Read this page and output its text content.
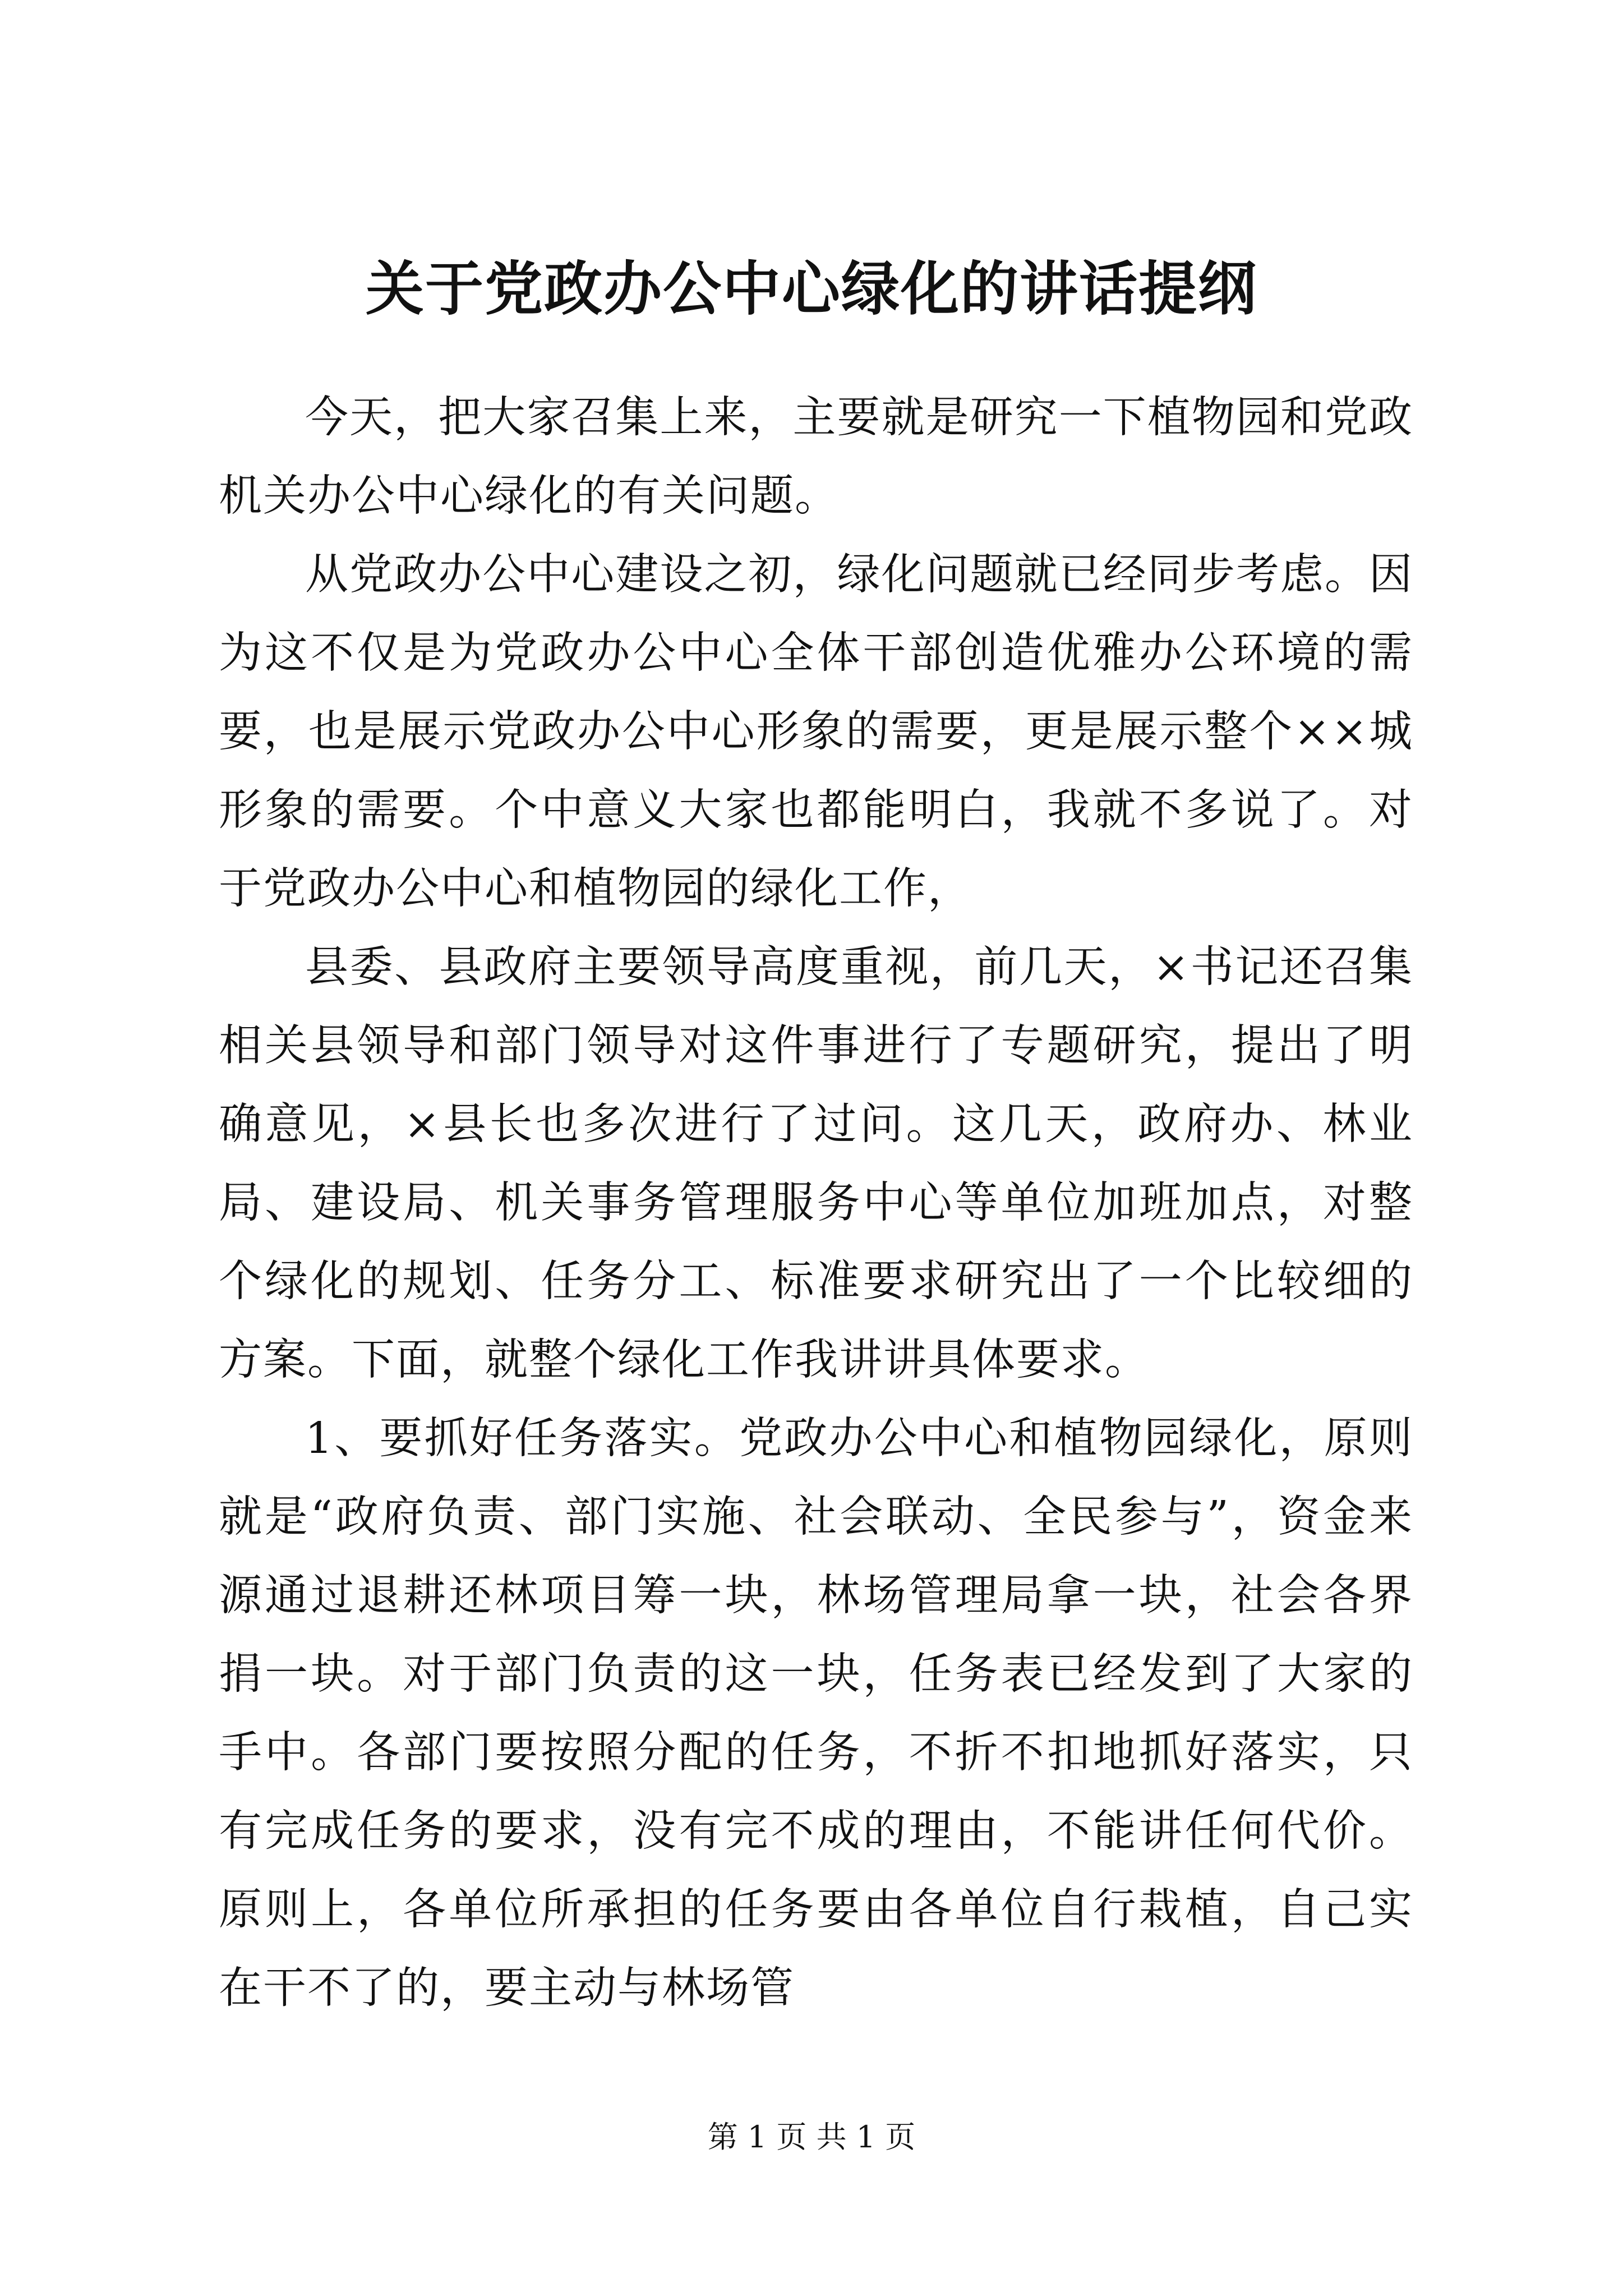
关于党政办公中心绿化的讲话提纲

今天，把大家召集上来，主要就是研究一下植物园和党政机关办公中心绿化的有关问题。

从党政办公中心建设之初，绿化问题就已经同步考虑。因为这不仅是为党政办公中心全体干部创造优雅办公环境的需要，也是展示党政办公中心形象的需要，更是展示整个××城形象的需要。个中意义大家也都能明白，我就不多说了。对于党政办公中心和植物园的绿化工作，

县委、县政府主要领导高度重视，前几天，×书记还召集相关县领导和部门领导对这件事进行了专题研究，提出了明确意见，×县长也多次进行了过问。这几天，政府办、林业局、建设局、机关事务管理服务中心等单位加班加点，对整个绿化的规划、任务分工、标准要求研究出了一个比较细的方案。下面，就整个绿化工作我讲讲具体要求。

1、要抓好任务落实。党政办公中心和植物园绿化，原则就是“政府负责、部门实施、社会联动、全民参与”，资金来源通过退耕还林项目筹一块，林场管理局拿一块，社会各界捐一块。对于部门负责的这一块，任务表已经发到了大家的手中。各部门要按照分配的任务，不折不扣地抓好落实，只有完成任务的要求，没有完不成的理由，不能讲任何代价。原则上，各单位所承担的任务要由各单位自行栽植，自己实在干不了的，要主动与林场管

第 1 页 共 1 页
